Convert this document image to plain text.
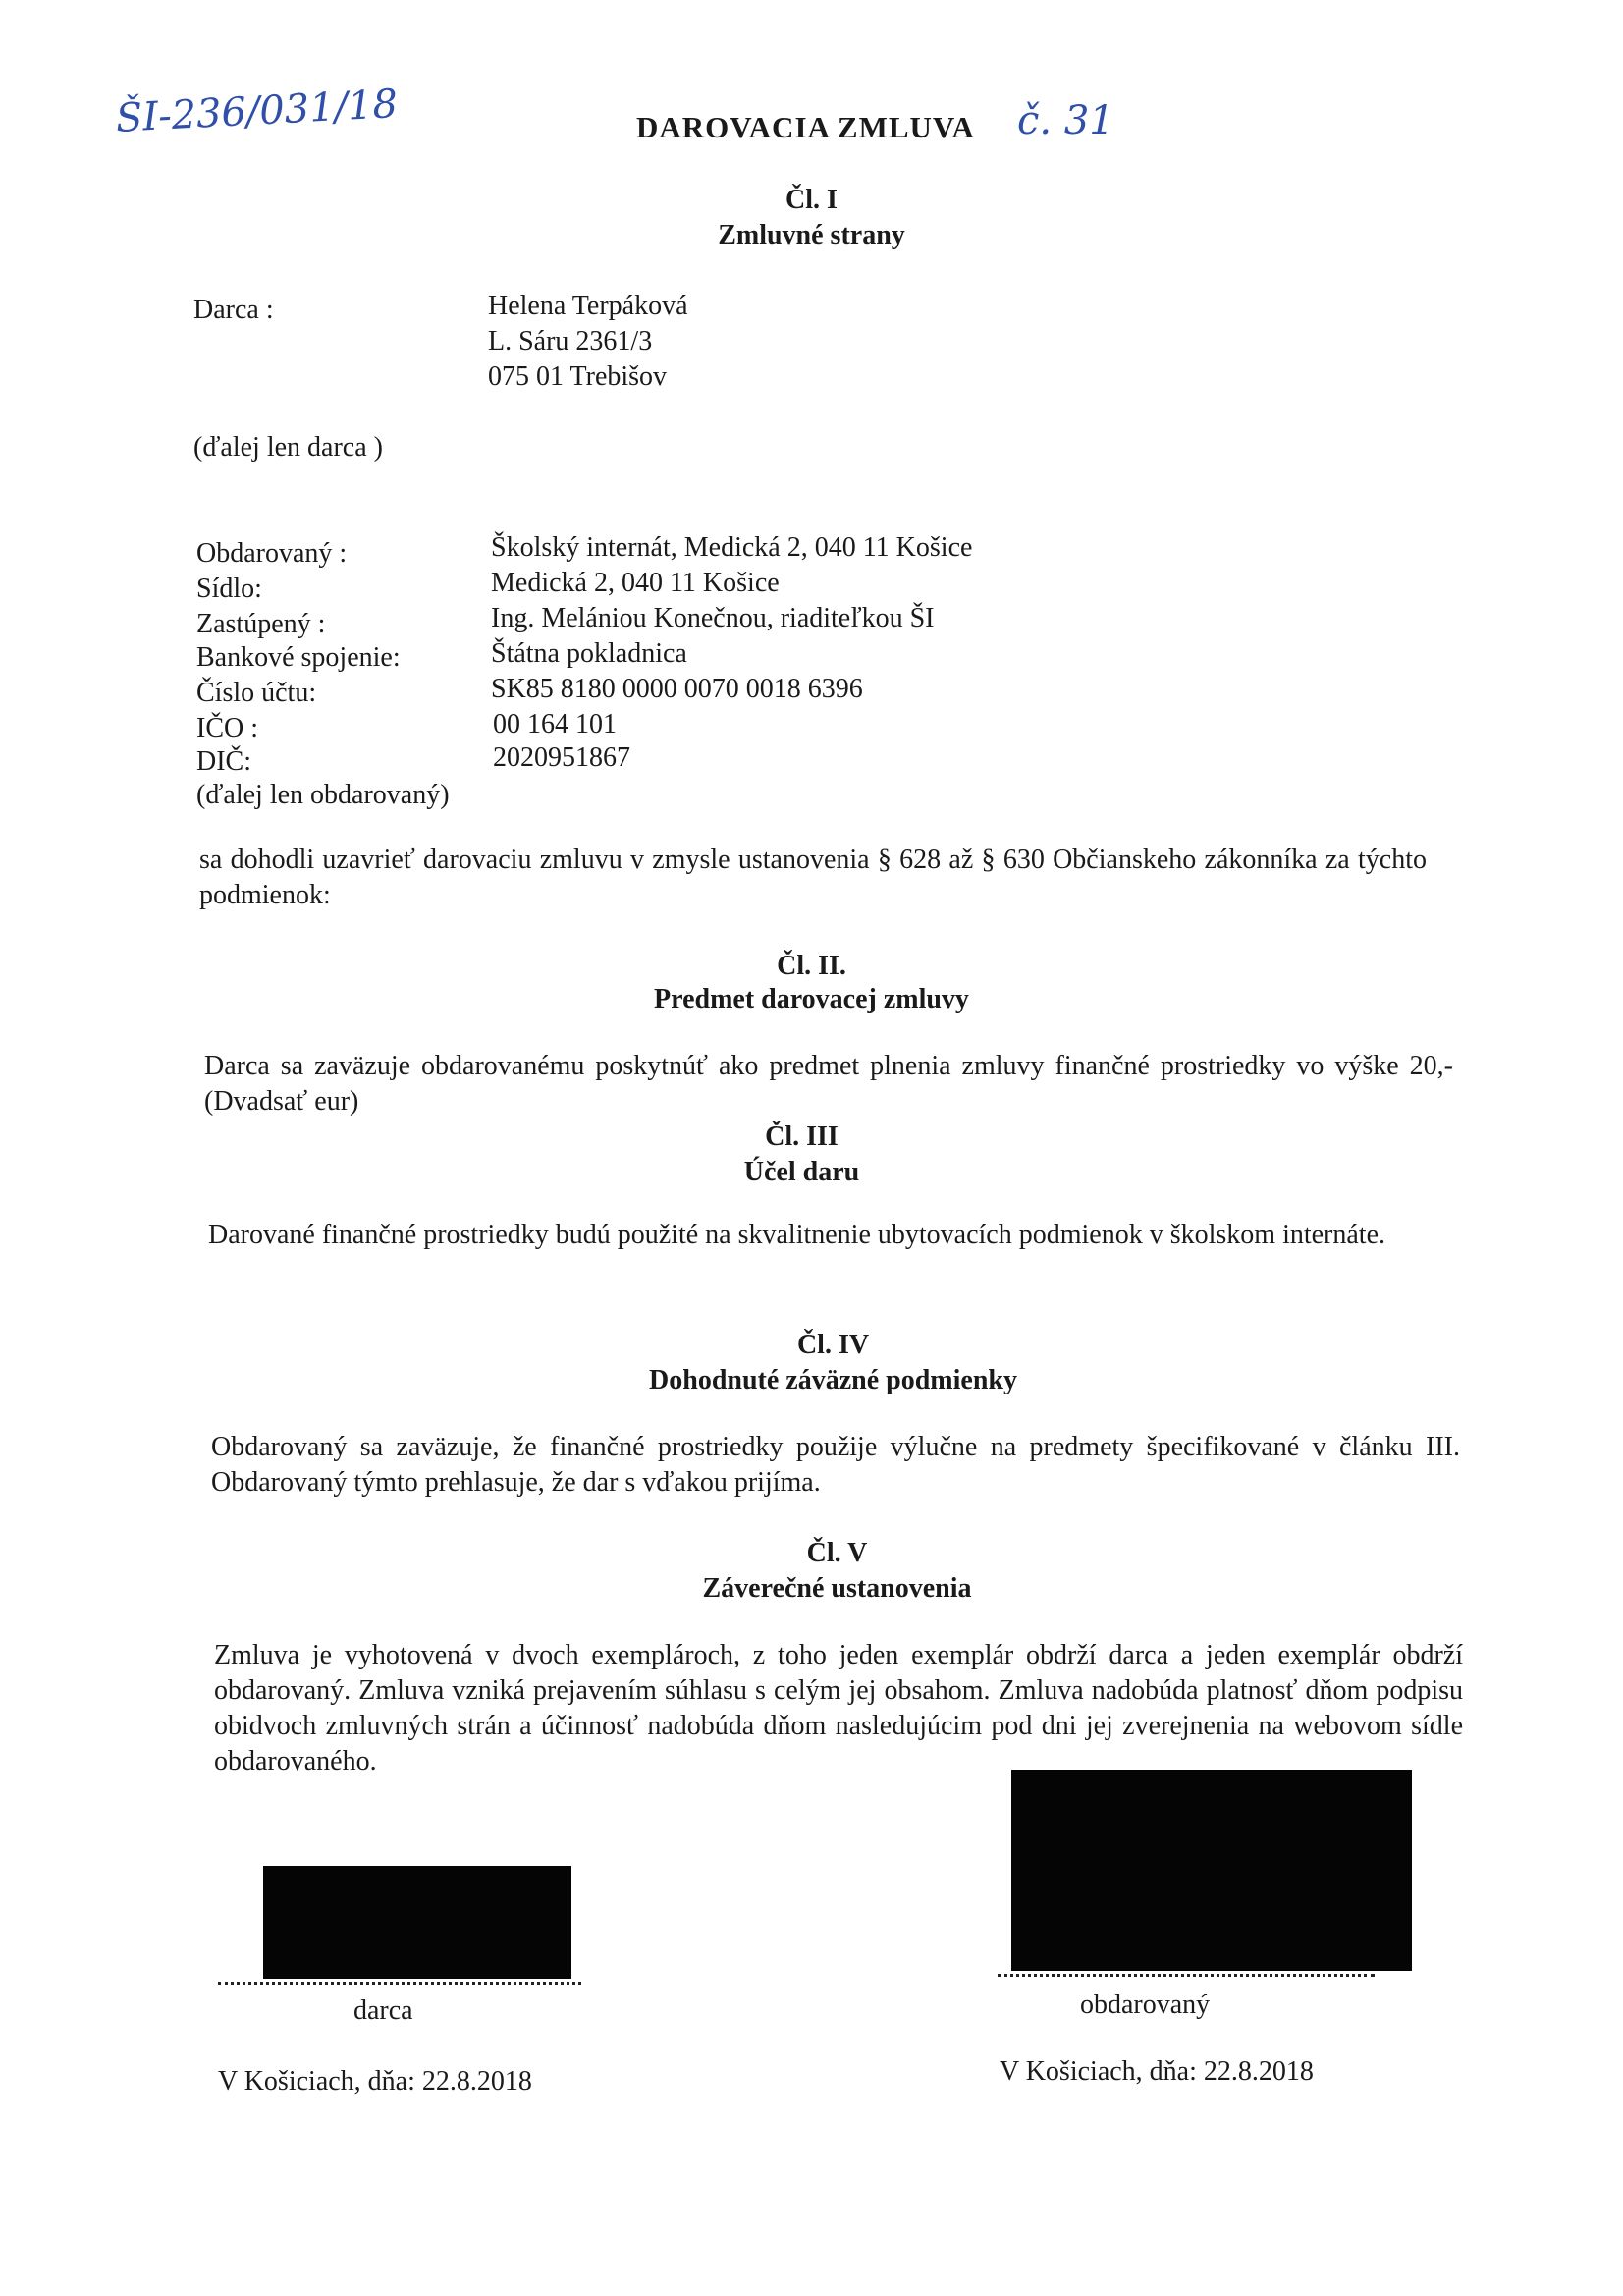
ŠI-236/031/18	DAROVACIA ZMLUVA č. 31
Čl. I
Zmluvné strany
Darca :	Helena Terpáková
L. Sáru 2361/3
075 01 Trebišov
(ďalej len darca )
Obdarovaný :	Školský internát, Medická 2, 040 11 Košice
Sídlo:	Medická 2, 040 11 Košice
Zastúpený :	Ing. Melániou Konečnou, riaditeľkou ŠI
Bankové spojenie:	Štátna pokladnica
Číslo účtu:	SK85 8180 0000 0070 0018 6396
IČO :	00 164 101
DIČ:	2020951867
(ďalej len obdarovaný)
sa dohodli uzavrieť darovaciu zmluvu v zmysle ustanovenia § 628 až § 630 Občianskeho zákonníka za týchto podmienok:
Čl. II.
Predmet darovacej zmluvy
Darca sa zaväzuje obdarovanému poskytnúť ako predmet plnenia zmluvy finančné prostriedky vo výške 20,- (Dvadsať eur)
Čl. III
Účel daru
Darované finančné prostriedky budú použité na skvalitnenie ubytovacích podmienok v školskom internáte.
Čl. IV
Dohodnuté záväzné podmienky
Obdarovaný sa zaväzuje, že finančné prostriedky použije výlučne na predmety špecifikované v článku III. Obdarovaný týmto prehlasuje, že dar s vďakou prijíma.
Čl. V
Záverečné ustanovenia
Zmluva je vyhotovená v dvoch exemplároch, z toho jeden exemplár obdrží darca a jeden exemplár obdrží obdarovaný. Zmluva vzniká prejavením súhlasu s celým jej obsahom. Zmluva nadobúda platnosť dňom podpisu obidvoch zmluvných strán a účinnosť nadobúda dňom nasledujúcim pod dni jej zverejnenia na webovom sídle obdarovaného.
darca	obdarovaný
V Košiciach, dňa: 22.8.2018	V Košiciach, dňa: 22.8.2018
